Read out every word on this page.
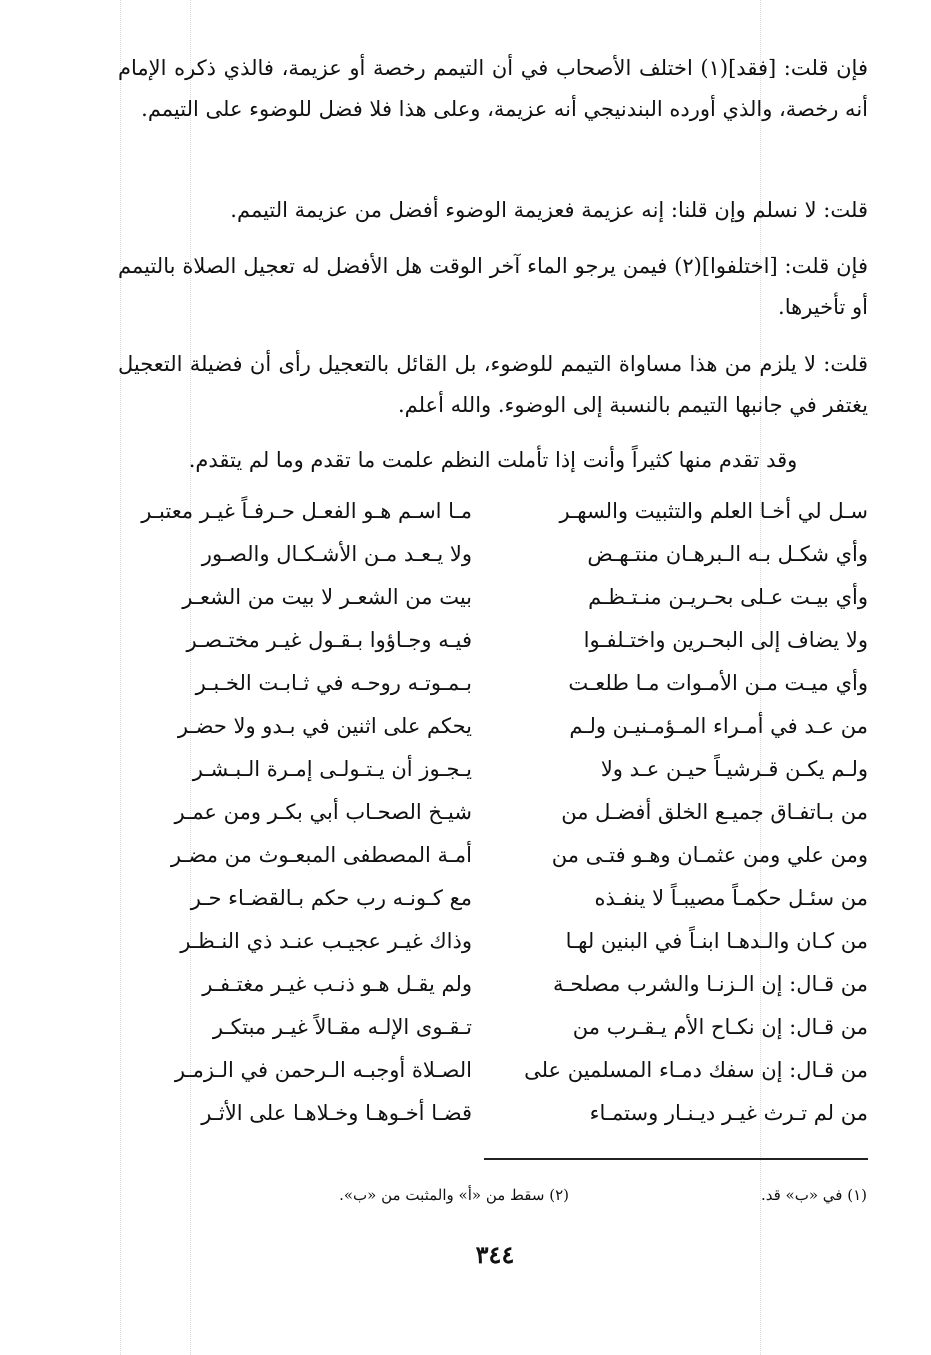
فإن قلت: [فقد](١) اختلف الأصحاب في أن التيمم رخصة أو عزيمة، فالذي ذكره الإمام أنه رخصة، والذي أورده البندنيجي أنه عزيمة، وعلى هذا فلا فضل للوضوء على التيمم.

قلت: لا نسلم وإن قلنا: إنه عزيمة فعزيمة الوضوء أفضل من عزيمة التيمم.

فإن قلت: [اختلفوا](٢) فيمن يرجو الماء آخر الوقت هل الأفضل له تعجيل الصلاة بالتيمم أو تأخيرها.

قلت: لا يلزم من هذا مساواة التيمم للوضوء، بل القائل بالتعجيل رأى أن فضيلة التعجيل يغتفر في جانبها التيمم بالنسبة إلى الوضوء. والله أعلم.

وقد تقدم منها كثيراً وأنت إذا تأملت النظم علمت ما تقدم وما لم يتقدم.

سـل لي أخـا العلم والتثبيت والسهـر
مـا اسـم هـو الفعـل حـرفـاً غيـر معتبـر
وأي شكـل بـه الـبرهـان منتـهـض
ولا يـعـد مـن الأشـكـال والصـور
وأي بيـت عـلى بحـريـن منـتـظـم
بيت من الشعـر لا بيت من الشعـر
ولا يضاف إلى البحـرين واختـلفـوا
فيـه وجـاؤوا بـقـول غيـر مختـصـر
وأي ميـت مـن الأمـوات مـا طلعـت
بـمـوتـه روحـه في ثـابـت الخـبـر
من عـد في أمـراء المـؤمـنيـن ولـم
يحكم على اثنين في بـدو ولا حضـر
ولـم يكـن قـرشيـاً حيـن عـد ولا
يـجـوز أن يـتـولـى إمـرة الـبـشـر
من بـاتفـاق جميـع الخلق أفضـل من
شيـخ الصحـاب أبي بكـر ومن عمـر
ومن علي ومن عثمـان وهـو فتـى من
أمـة المصطفى المبعـوث من مضـر
من سئـل حكمـاً مصيبـاً لا ينفـذه
مع كـونـه رب حكم بـالقضـاء حـر
من كـان والـدهـا ابنـاً في البنين لهـا
وذاك غيـر عجيـب عنـد ذي النـظـر
من قـال: إن الـزنـا والشرب مصلحـة
ولم يقـل هـو ذنـب غيـر مغتـفـر
من قـال: إن نكـاح الأم يـقـرب من
تـقـوى الإلـه مقـالاً غيـر مبتكـر
من قـال: إن سفك دمـاء المسلمين على
الصـلاة أوجبـه الـرحمن في الـزمـر
من لم تـرث غيـر ديـنـار وستمـاء
قضـا أخـوهـا وخـلاهـا على الأثـر
(١) في «ب» قد.
(٢) سقط من «أ» والمثبت من «ب».
٣٤٤
